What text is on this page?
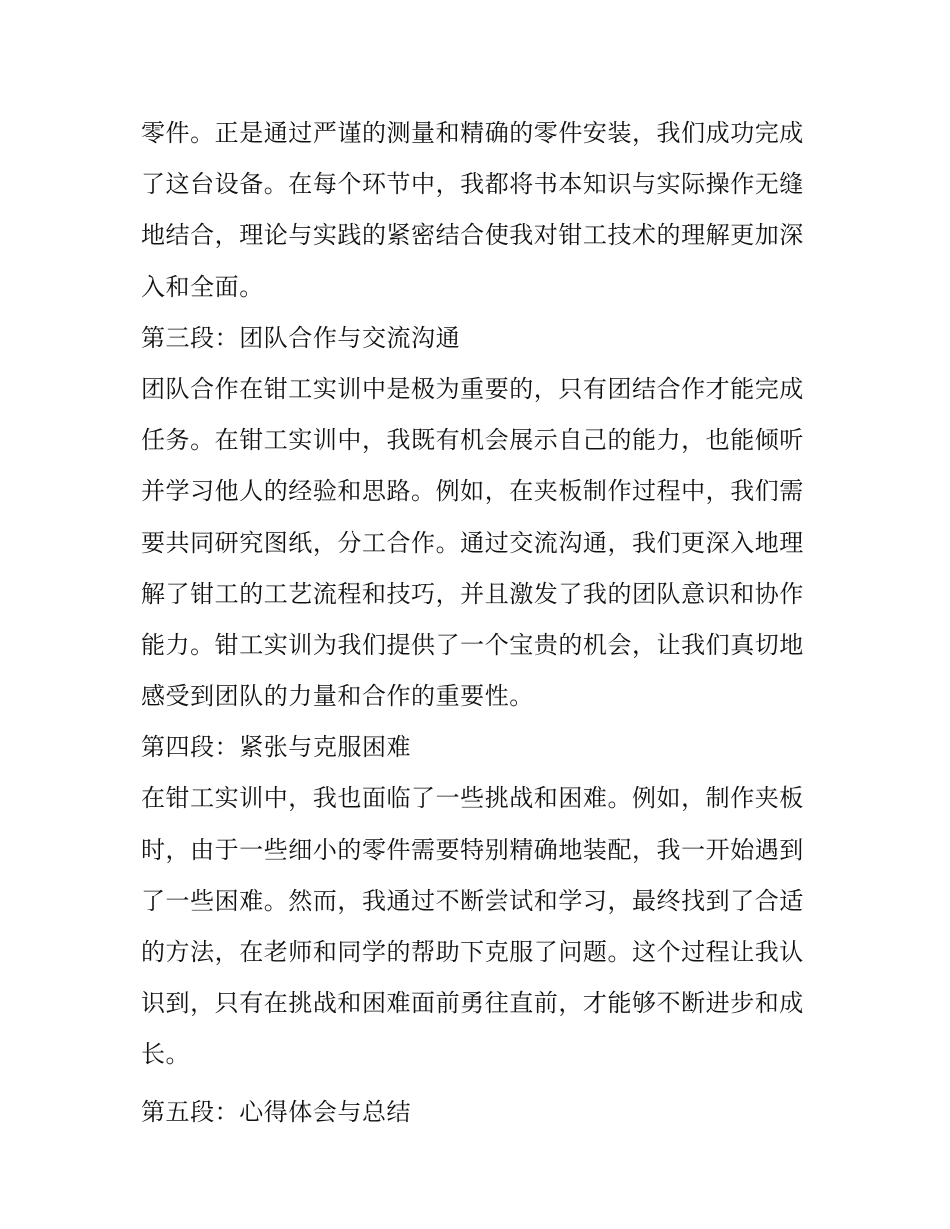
零件。正是通过严谨的测量和精确的零件安装，我们成功完成
了这台设备。在每个环节中，我都将书本知识与实际操作无缝
地结合，理论与实践的紧密结合使我对钳工技术的理解更加深
入和全面。
第三段：团队合作与交流沟通
团队合作在钳工实训中是极为重要的，只有团结合作才能完成
任务。在钳工实训中，我既有机会展示自己的能力，也能倾听
并学习他人的经验和思路。例如，在夹板制作过程中，我们需
要共同研究图纸，分工合作。通过交流沟通，我们更深入地理
解了钳工的工艺流程和技巧，并且激发了我的团队意识和协作
能力。钳工实训为我们提供了一个宝贵的机会，让我们真切地
感受到团队的力量和合作的重要性。
第四段：紧张与克服困难
在钳工实训中，我也面临了一些挑战和困难。例如，制作夹板
时，由于一些细小的零件需要特别精确地装配，我一开始遇到
了一些困难。然而，我通过不断尝试和学习，最终找到了合适
的方法，在老师和同学的帮助下克服了问题。这个过程让我认
识到，只有在挑战和困难面前勇往直前，才能够不断进步和成
长。
第五段：心得体会与总结
